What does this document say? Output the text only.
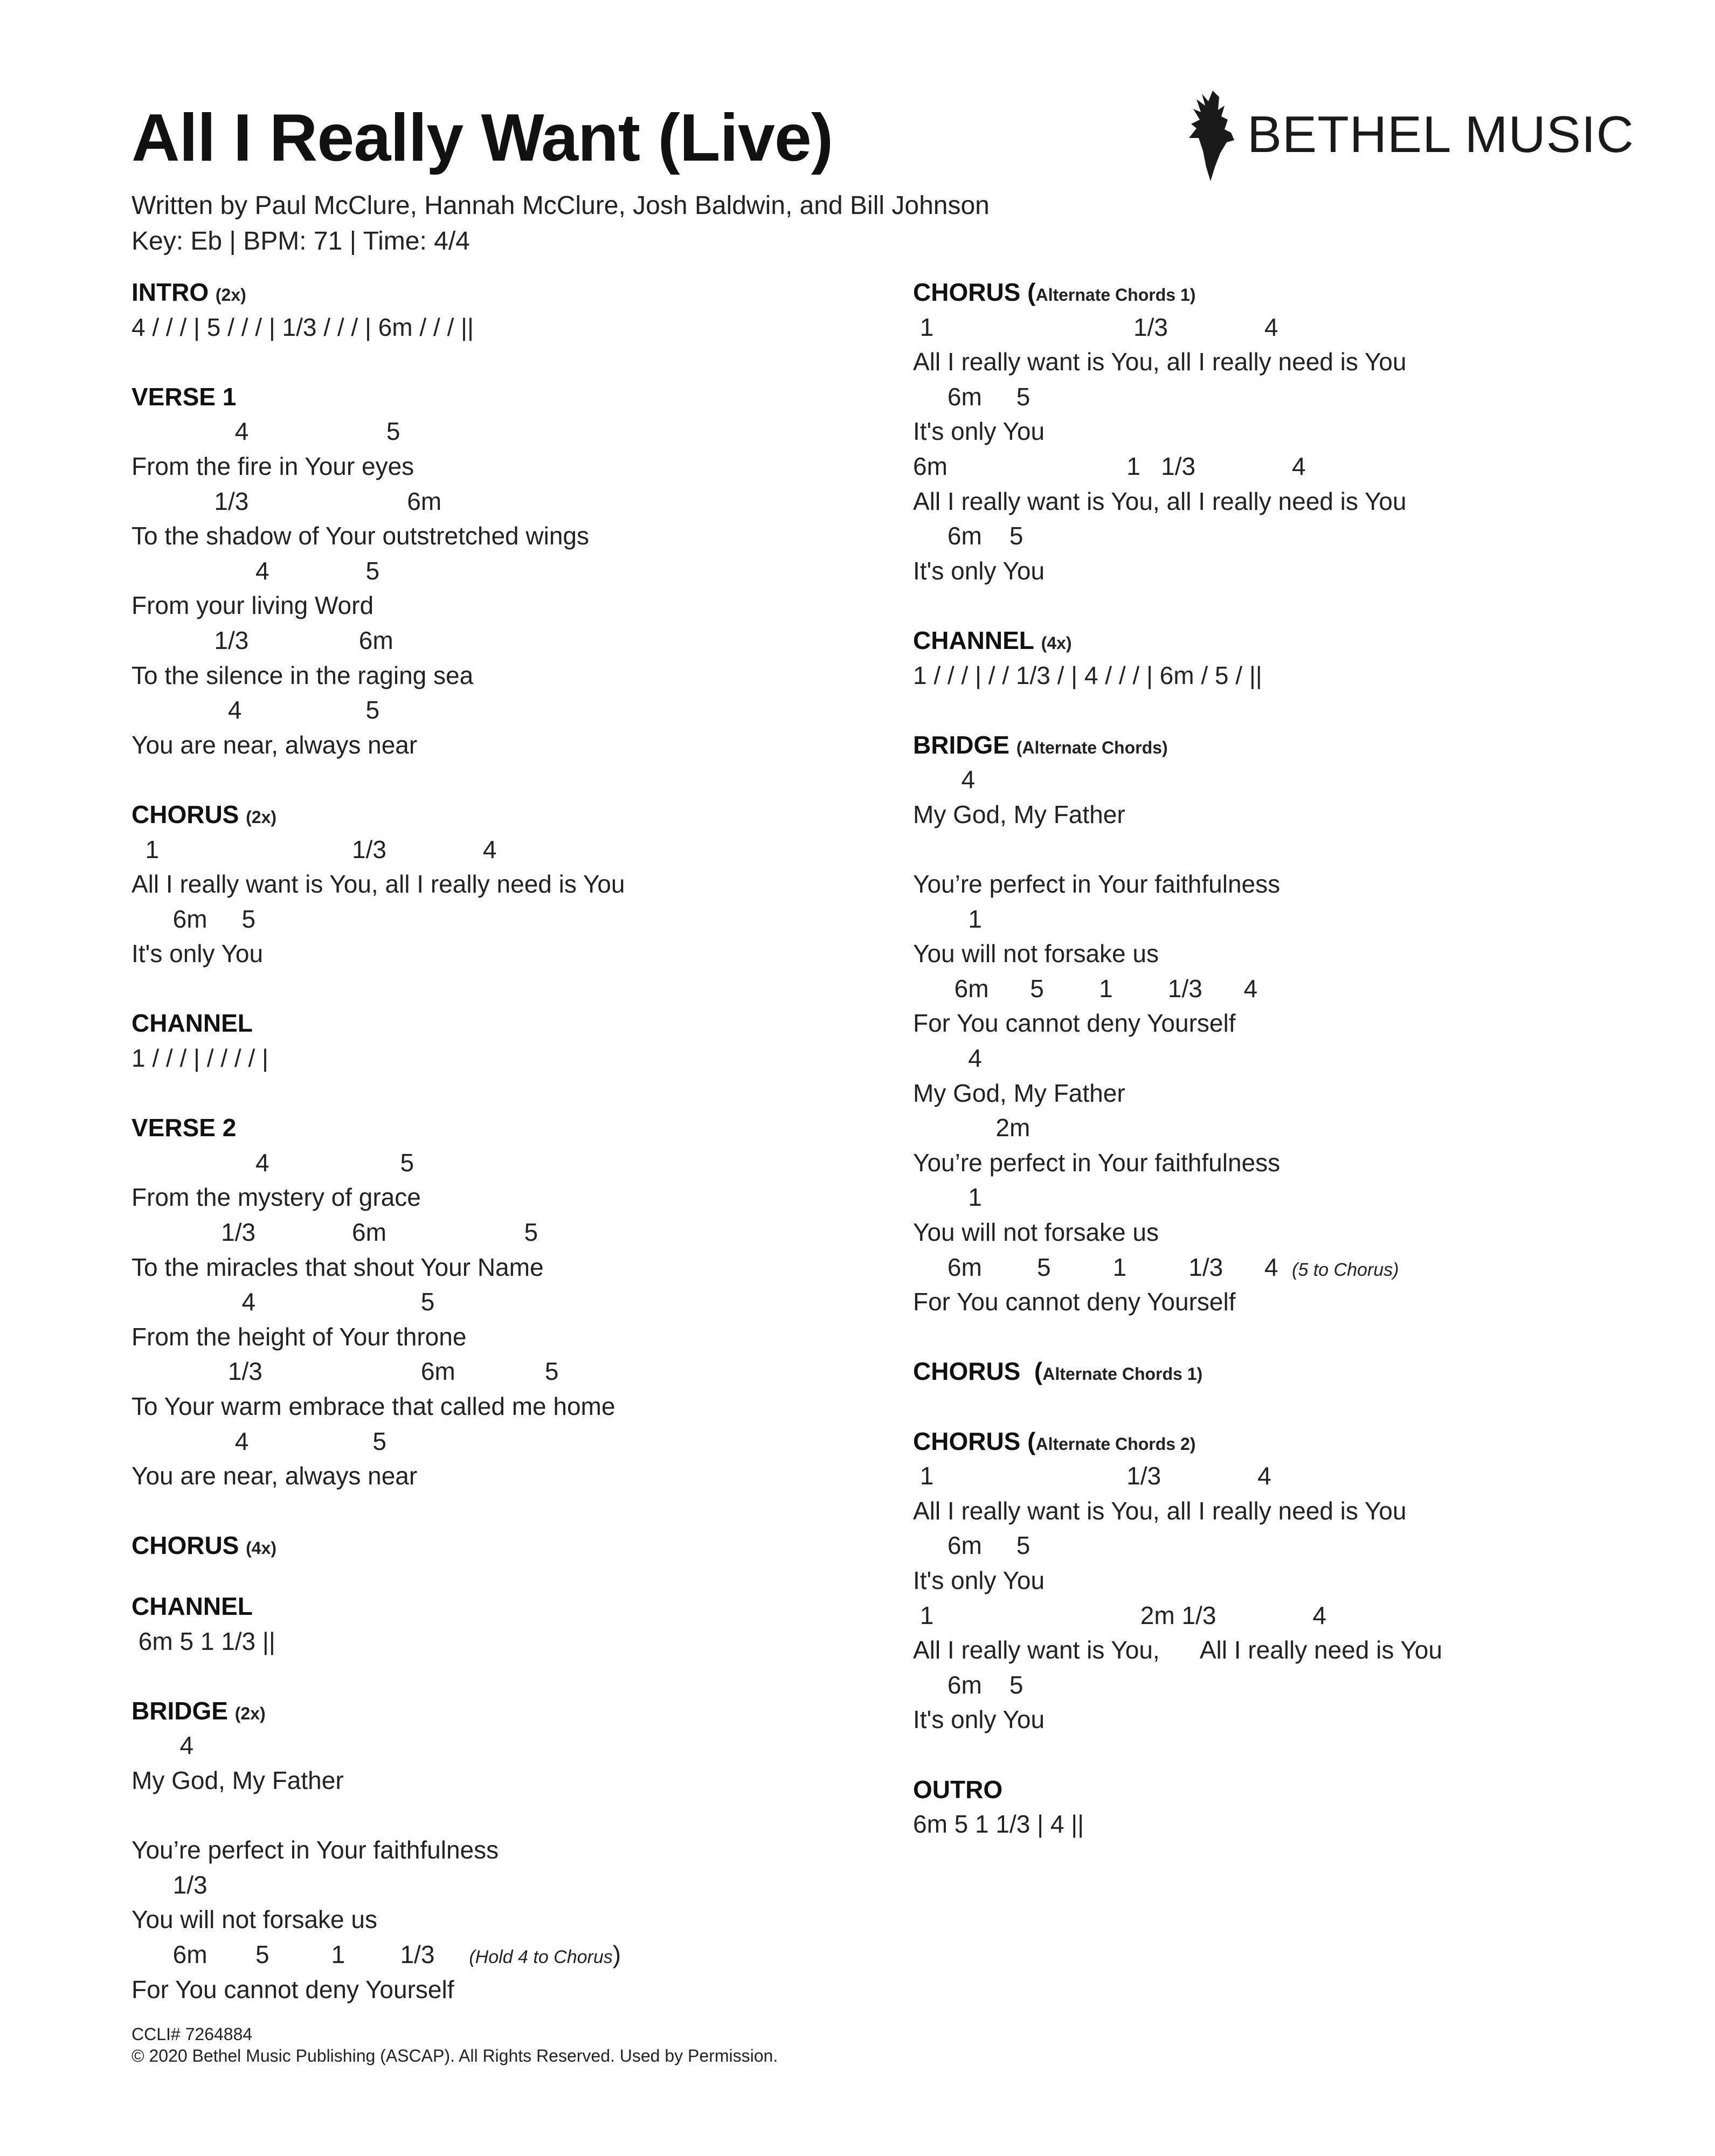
All I Really Want (Live)
Written by Paul McClure, Hannah McClure, Josh Baldwin, and Bill Johnson
Key: Eb | BPM: 71 | Time: 4/4
BETHEL MUSIC
INTRO (2x)
4 / / / | 5 / / / | 1/3 / / / | 6m / / / ||
VERSE 1
4                    5
From the fire in Your eyes
1/3                       6m
To the shadow of Your outstretched wings
4              5
From your living Word
1/3                6m
To the silence in the raging sea
4                  5
You are near, always near
CHORUS (2x)
1                            1/3              4
All I really want is You, all I really need is You
6m     5
It's only You
CHANNEL
1 / / / | / / / / |
VERSE 2
4                   5
From the mystery of grace
1/3              6m                    5
To the miracles that shout Your Name
4                        5
From the height of Your throne
1/3                       6m             5
To Your warm embrace that called me home
4                  5
You are near, always near
CHORUS (4x)
CHANNEL
6m 5 1 1/3 ||
BRIDGE (2x)
4
My God, My Father
You’re perfect in Your faithfulness
1/3
You will not forsake us
6m       5         1        1/3 (Hold 4 to Chorus)
For You cannot deny Yourself
CHORUS (Alternate Chords 1)
1                             1/3              4
All I really want is You, all I really need is You
6m     5
It's only You
6m                          1   1/3              4
All I really want is You, all I really need is You
6m    5
It's only You
CHANNEL (4x)
1 / / / | / / 1/3 / | 4 / / / | 6m / 5 / ||
BRIDGE (Alternate Chords)
4
My God, My Father
You’re perfect in Your faithfulness
1
You will not forsake us
6m      5        1        1/3      4
For You cannot deny Yourself
4
My God, My Father
2m
You’re perfect in Your faithfulness
1
You will not forsake us
6m        5         1         1/3      4  (5 to Chorus)
For You cannot deny Yourself
CHORUS  (Alternate Chords 1)
CHORUS (Alternate Chords 2)
1                            1/3              4
All I really want is You, all I really need is You
6m     5
It's only You
1                              2m 1/3              4
All I really want is You,      All I really need is You
6m    5
It's only You
OUTRO
6m 5 1 1/3 | 4 ||
CCLI# 7264884
© 2020 Bethel Music Publishing (ASCAP). All Rights Reserved. Used by Permission.
